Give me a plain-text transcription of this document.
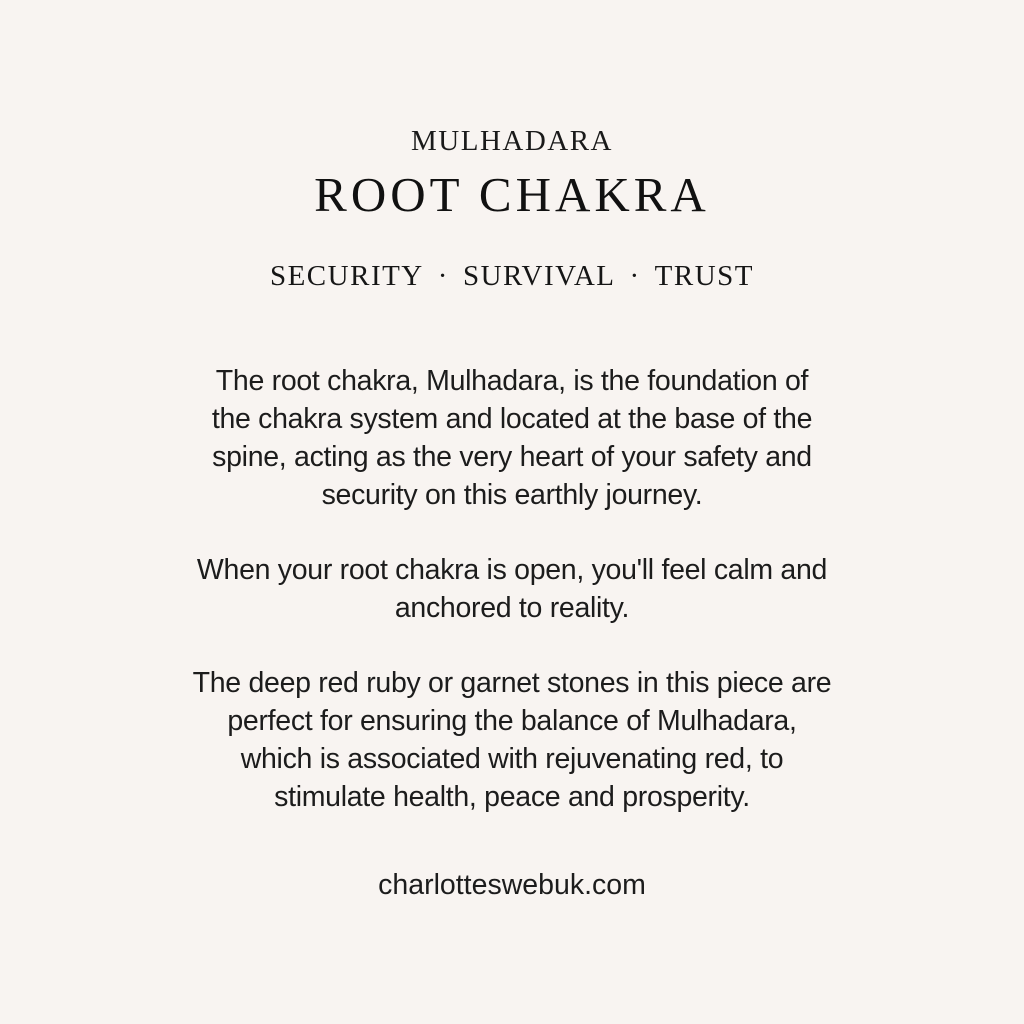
MULHADARA
ROOT CHAKRA
SECURITY · SURVIVAL · TRUST

The root chakra, Mulhadara, is the foundation of
the chakra system and located at the base of the
spine, acting as the very heart of your safety and
security on this earthly journey.

When your root chakra is open, you'll feel calm and
anchored to reality.

The deep red ruby or garnet stones in this piece are
perfect for ensuring the balance of Mulhadara,
which is associated with rejuvenating red, to
stimulate health, peace and prosperity.

charlotteswebuk.com
